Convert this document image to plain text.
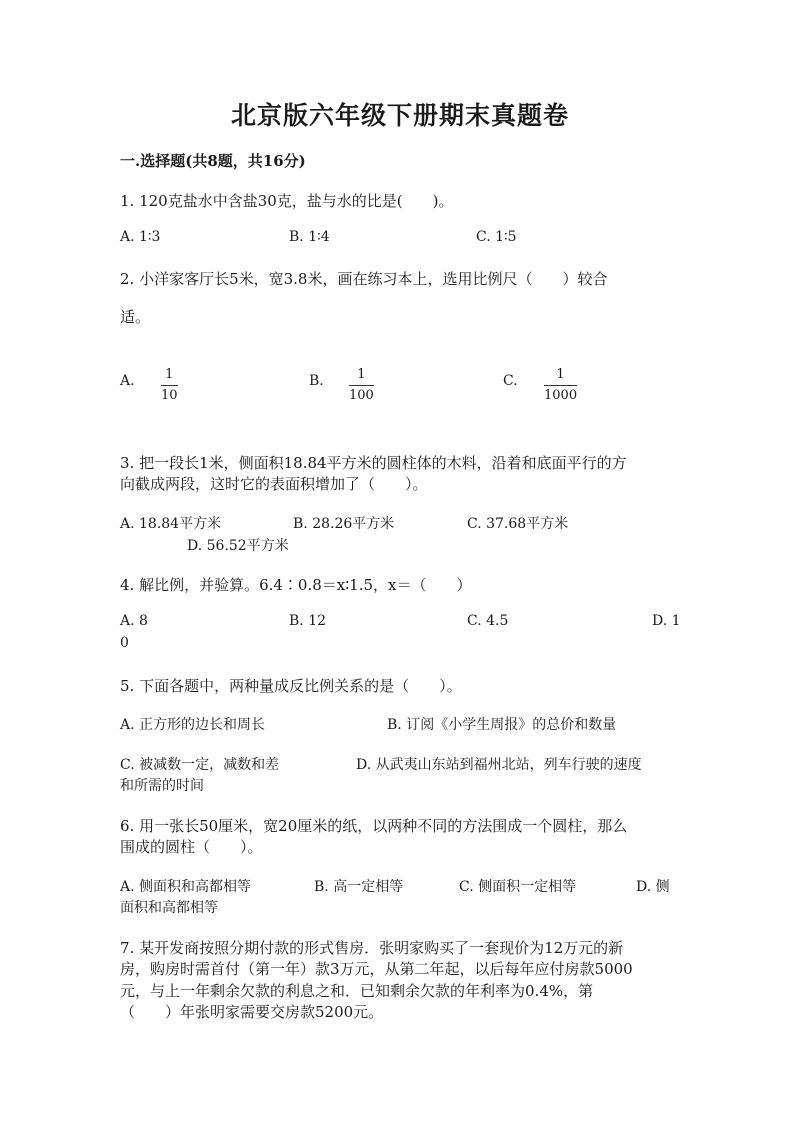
北京版六年级下册期末真题卷
一.选择题(共8题，共16分)
1. 120克盐水中含盐30克，盐与水的比是(　　)。
A. 1∶3	B. 1∶4	C. 1∶5
2. 小洋家客厅长5米，宽3.8米，画在练习本上，选用比例尺（　　）较合
适。
A. 1
10
B.	1
100
C.	1
1000
3. 把一段长1米，侧面积18.84平方米的圆柱体的木料，沿着和底面平行的方
向截成两段，这时它的表面积增加了（　　）。
A. 18.84平方米	B. 28.26平方米	C. 37.68平方米
D. 56.52平方米
4. 解比例，并验算。6.4∶0.8＝x∶1.5，x＝（　　）
A. 8	B. 12	C. 4.5	D. 1
0
5. 下面各题中，两种量成反比例关系的是（　　）。
A. 正方形的边长和周长	B. 订阅《小学生周报》的总价和数量
C. 被减数一定，减数和差	D. 从武夷山东站到福州北站，列车行驶的速度
和所需的时间
6. 用一张长50厘米，宽20厘米的纸，以两种不同的方法围成一个圆柱，那么
围成的圆柱（　　）。
A. 侧面积和高都相等	B. 高一定相等	C. 侧面积一定相等	D. 侧
面积和高都相等
7. 某开发商按照分期付款的形式售房．张明家购买了一套现价为12万元的新
房，购房时需首付（第一年）款3万元，从第二年起，以后每年应付房款5000
元，与上一年剩余欠款的利息之和．已知剩余欠款的年利率为0.4%，第
（　　）年张明家需要交房款5200元。
